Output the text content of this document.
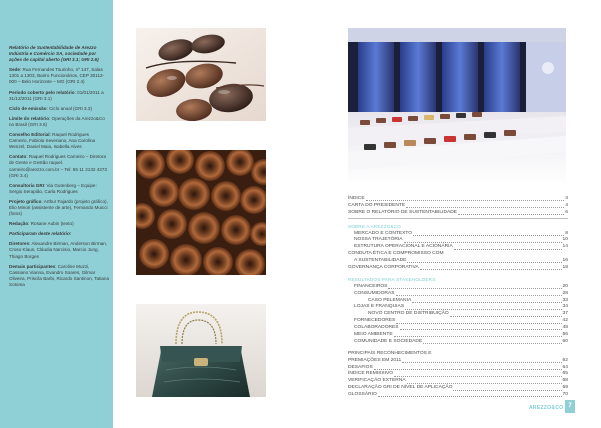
Relatório de Sustentabilidade de Arezzo Indústria e Comércio SA, sociedade por ações de capital aberto (GRI 3.1; GRI 2.6)
Sede: Rua Fernandes Tourinho, nº 147, Salas 1301 a 1303, Bairro Funcionários, CEP 30112-000 – Belo Horizonte – MG (GRI 2.4)
Período coberto pelo relatório: 01/01/2011 a 31/12/2011 (GRI 3.1)
Ciclo de emissão: Ciclo anual (GRI 3.3)
Limite do relatório: Operações da Arezzo&Co no Brasil (GRI 3.6)
Conselho Editorial: Raquel Rodrigues Carneiro, Fabiola Severiano, Ana Carolina Wenzel, Daniel Maia, Isabella Alves
Contato: Raquel Rodrigues Carneiro – Diretora de Gente e Gestão raquel. carneiro@arezzo.com.br – Tel: 55 11 2132 4373 (GRI 3.4)
Consultoria GRI: Via Gutenberg – Equipe: Sergio Serapião, Carla Rodrigues
Projeto gráfico: Arthur Fajardo (projeto gráfico), Elio Minori (assistente de arte), Fernando Muicci (fotos)
Redação: Rosane Aubin (texto)
Participaram deste relatório:
Diretores: Alexandre Birman, Anderson Birman, Croso Klaus, Cláudia Narcisio, Marcio Jung, Thiago Borges
Demais participantes: Caroline Muzzi, Cassiano Vianna, Evandro Soares, Gilmar Oliveira, Priscila Barbi, Ricardo Santinon, Tatiana Sotoma
ÍNDICE	3
CARTA DO PRESIDENTE	4
SOBRE O RELATÓRIO DE SUSTENTABILIDADE	6
SOBRE A AREZZO&CO
MERCADO E CONTEXTO	8
NOSSA TRAJETÓRIA	10
ESTRUTURA OPERACIONAL E ACIONÁRIA	14
CONDUTA ÉTICA E COMPROMISSO COM
A SUSTENTABILIDADE	16
GOVERNANÇA CORPORATIVA	18
RESULTADOS PARA STAKEHOLDERS
FINANCEIROS	20
CONSUMIDORAS	28
CASO PELEMANIA	33
LOJAS E FRANQUIAS	34
NOVO CENTRO DE DISTRIBUIÇÃO	37
FORNECEDORES	42
COLABORADORES	48
MEIO AMBIENTE	56
COMUNIDADE E SOCIEDADE	60
PRINCIPAIS RECONHECIMENTOS E
PREMIAÇÕES EM 2011	62
DESAFIOS	64
ÍNDICE REMISSIVO	65
VERIFICAÇÃO EXTERNA	68
DECLARAÇÃO GRI DE NÍVEL DE APLICAÇÃO	69
GLOSSÁRIO	70
AREZZO&CO 7
